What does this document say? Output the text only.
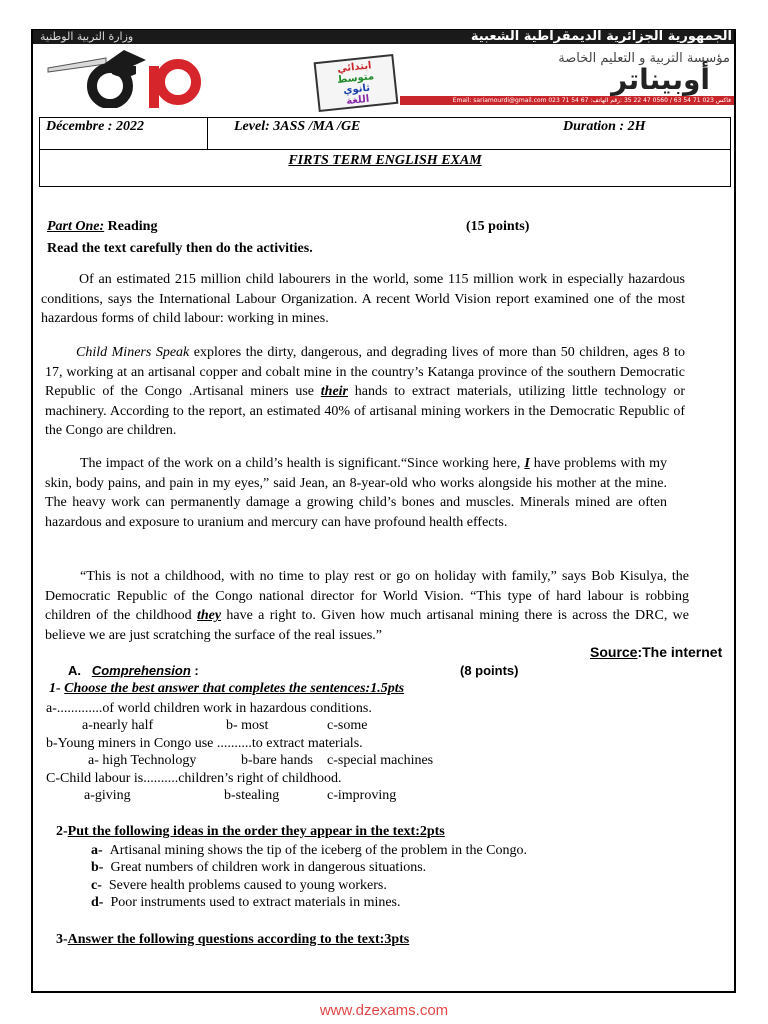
وزارة التربية الوطنية	الجمهورية الجزائرية الديمقراطية الشعبية
ابتدائي
متوسط
ثانوي
اللغة
مؤسسة التربية و التعليم الخاصة
أوبيناتر
Email: sariamourdi@gmail.com 023 71 54 67 :فاكس 023 71 54 63 / 0560 47 22 35 :رقم الهاتف
Décembre : 2022	Level: 3ASS /MA /GE	Duration : 2H
FIRTS TERM ENGLISH EXAM
Part One: Reading	(15 points)
Read the text carefully then do the activities.
Of an estimated 215 million child labourers in the world, some 115 million work in especially hazardous conditions, says the International Labour Organization. A recent World Vision report examined one of the most hazardous forms of child labour: working in mines.
Child Miners Speak explores the dirty, dangerous, and degrading lives of more than 50 children, ages 8 to 17, working at an artisanal copper and cobalt mine in the country’s Katanga province of the southern Democratic Republic of the Congo .Artisanal miners use their hands to extract materials, utilizing little technology or machinery. According to the report, an estimated 40% of artisanal mining workers in the Democratic Republic of the Congo are children.
The impact of the work on a child’s health is significant.“Since working here, I have problems with my skin, body pains, and pain in my eyes,” said Jean, an 8-year-old who works alongside his mother at the mine. The heavy work can permanently damage a growing child’s bones and muscles. Minerals mined are often hazardous and exposure to uranium and mercury can have profound health effects.
“This is not a childhood, with no time to play rest or go on holiday with family,” says Bob Kisulya, the Democratic Republic of the Congo national director for World Vision. “This type of hard labour is robbing children of the childhood they have a right to. Given how much artisanal mining there is across the DRC, we believe we are just scratching the surface of the real issues.”
Source:The internet
A. Comprehension :	(8 points)
1- Choose the best answer that completes the sentences:1.5pts
a-.............of world children work in hazardous conditions.
a-nearly half	b- most	c-some
b-Young miners in Congo use ..........to extract materials.
a- high Technology	b-bare hands c-special machines
C-Child labour is..........children’s right of childhood.
a-giving	b-stealing	c-improving
2-Put the following ideas in the order they appear in the text:2pts
a- Artisanal mining shows the tip of the iceberg of the problem in the Congo.
b- Great numbers of children work in dangerous situations.
c- Severe health problems caused to young workers.
d- Poor instruments used to extract materials in mines.
3-Answer the following questions according to the text:3pts
www.dzexams.com
